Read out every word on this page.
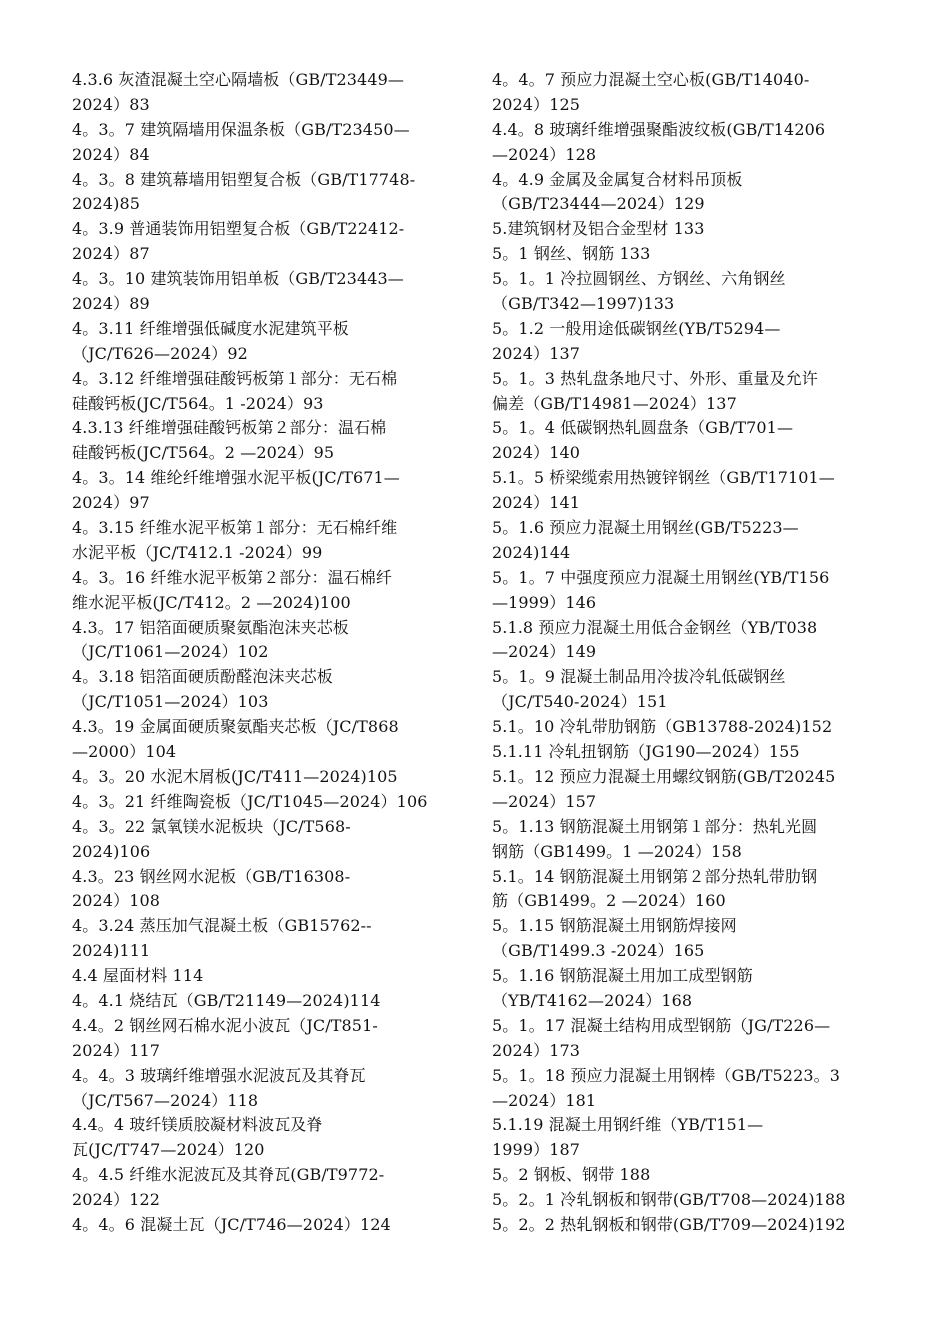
4.3.6 灰渣混凝土空心隔墙板（GB/T23449—
2024）83
4。3。7 建筑隔墙用保温条板（GB/T23450—
2024）84
4。3。8 建筑幕墙用铝塑复合板（GB/T17748-
2024)85
4。3.9 普通装饰用铝塑复合板（GB/T22412-
2024）87
4。3。10 建筑装饰用铝单板（GB/T23443—
2024）89
4。3.11 纤维增强低碱度水泥建筑平板
（JC/T626—2024）92
4。3.12 纤维增强硅酸钙板第１部分：无石棉
硅酸钙板(JC/T564。1 -2024）93
4.3.13 纤维增强硅酸钙板第２部分：温石棉
硅酸钙板(JC/T564。2 —2024）95
4。3。14 维纶纤维增强水泥平板(JC/T671—
2024）97
4。3.15 纤维水泥平板第１部分：无石棉纤维
水泥平板（JC/T412.1 -2024）99
4。3。16 纤维水泥平板第２部分：温石棉纤
维水泥平板(JC/T412。2 —2024)100
4.3。17 铝箔面硬质聚氨酯泡沫夹芯板
（JC/T1061—2024）102
4。3.18 铝箔面硬质酚醛泡沫夹芯板
（JC/T1051—2024）103
4.3。19 金属面硬质聚氨酯夹芯板（JC/T868
—2000）104
4。3。20 水泥木屑板(JC/T411—2024)105
4。3。21 纤维陶瓷板（JC/T1045—2024）106
4。3。22 氯氧镁水泥板块（JC/T568-
2024)106
4.3。23 钢丝网水泥板（GB/T16308-
2024）108
4。3.24 蒸压加气混凝土板（GB15762--
2024)111
4.4 屋面材料 114
4。4.1 烧结瓦（GB/T21149—2024)114
4.4。2 钢丝网石棉水泥小波瓦（JC/T851-
2024）117
4。4。3 玻璃纤维增强水泥波瓦及其脊瓦
（JC/T567—2024）118
4.4。4 玻纤镁质胶凝材料波瓦及脊
瓦(JC/T747—2024）120
4。4.5 纤维水泥波瓦及其脊瓦(GB/T9772-
2024）122
4。4。6 混凝土瓦（JC/T746—2024）124
4。4。7 预应力混凝土空心板(GB/T14040-
2024）125
4.4。8 玻璃纤维增强聚酯波纹板(GB/T14206
—2024）128
4。4.9 金属及金属复合材料吊顶板
（GB/T23444—2024）129
5.建筑钢材及铝合金型材 133
5。1 钢丝、钢筋 133
5。1。1 冷拉圆钢丝、方钢丝、六角钢丝
（GB/T342—1997)133
5。1.2 一般用途低碳钢丝(YB/T5294—
2024）137
5。1。3 热轧盘条地尺寸、外形、重量及允许
偏差（GB/T14981—2024）137
5。1。4 低碳钢热轧圆盘条（GB/T701—
2024）140
5.1。5 桥梁缆索用热镀锌钢丝（GB/T17101—
2024）141
5。1.6 预应力混凝土用钢丝(GB/T5223—
2024)144
5。1。7 中强度预应力混凝土用钢丝(YB/T156
—1999）146
5.1.8 预应力混凝土用低合金钢丝（YB/T038
—2024）149
5。1。9 混凝土制品用冷拔冷轧低碳钢丝
（JC/T540-2024）151
5.1。10 冷轧带肋钢筋（GB13788-2024)152
5.1.11 冷轧扭钢筋（JG190—2024）155
5.1。12 预应力混凝土用螺纹钢筋(GB/T20245
—2024）157
5。1.13 钢筋混凝土用钢第１部分：热轧光圆
钢筋（GB1499。1 —2024）158
5.1。14 钢筋混凝土用钢第２部分热轧带肋钢
筋（GB1499。2 —2024）160
5。1.15 钢筋混凝土用钢筋焊接网
（GB/T1499.3 -2024）165
5。1.16 钢筋混凝土用加工成型钢筋
（YB/T4162—2024）168
5。1。17 混凝土结构用成型钢筋（JG/T226—
2024）173
5。1。18 预应力混凝土用钢棒（GB/T5223。3
—2024）181
5.1.19 混凝土用钢纤维（YB/T151—
1999）187
5。2 钢板、钢带 188
5。2。1 冷轧钢板和钢带(GB/T708—2024)188
5。2。2 热轧钢板和钢带(GB/T709—2024)192
